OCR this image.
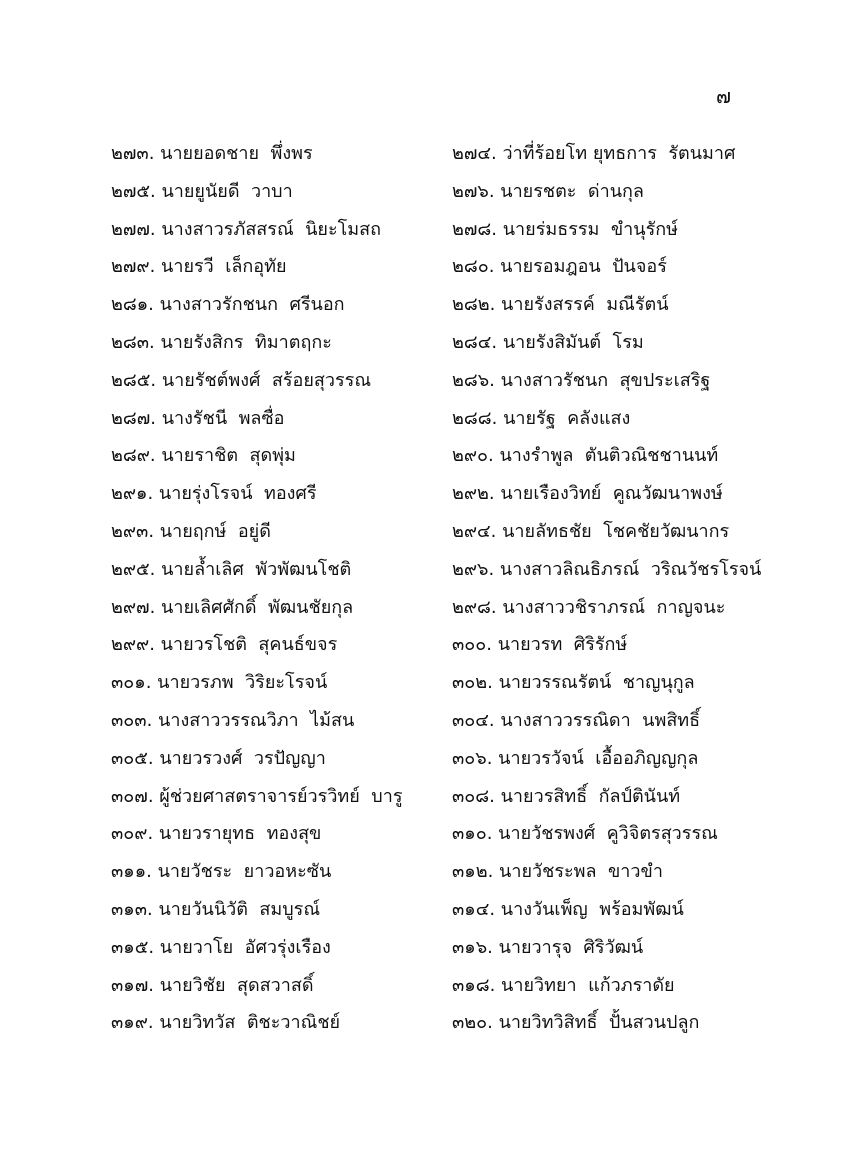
๗
๒๗๓. นายยอดชาย  พึ่งพร	๒๗๔. ว่าที่ร้อยโท ยุทธการ  รัตนมาศ
๒๗๕. นายยูนัยดี  วาบา	๒๗๖. นายรชตะ  ด่านกุล
๒๗๗. นางสาวรภัสสรณ์  นิยะโมสถ	๒๗๘. นายร่มธรรม  ขำนุรักษ์
๒๗๙. นายรวี  เล็กอุทัย	๒๘๐. นายรอมฎอน  ปันจอร์
๒๘๑. นางสาวรักชนก  ศรีนอก	๒๘๒. นายรังสรรค์  มณีรัตน์
๒๘๓. นายรังสิกร  ทิมาตฤกะ	๒๘๔. นายรังสิมันต์  โรม
๒๘๕. นายรัชต์พงศ์  สร้อยสุวรรณ	๒๘๖. นางสาวรัชนก  สุขประเสริฐ
๒๘๗. นางรัชนี  พลซื่อ	๒๘๘. นายรัฐ  คลังแสง
๒๘๙. นายราชิต  สุดพุ่ม	๒๙๐. นางรำพูล  ตันติวณิชชานนท์
๒๙๑. นายรุ่งโรจน์  ทองศรี	๒๙๒. นายเรืองวิทย์  คูณวัฒนาพงษ์
๒๙๓. นายฤกษ์  อยู่ดี	๒๙๔. นายลัทธชัย  โชคชัยวัฒนากร
๒๙๕. นายล้ำเลิศ  พัวพัฒนโชติ	๒๙๖. นางสาวลิณธิภรณ์  วริณวัชรโรจน์
๒๙๗. นายเลิศศักดิ์  พัฒนชัยกุล	๒๙๘. นางสาววชิราภรณ์  กาญจนะ
๒๙๙. นายวรโชติ  สุคนธ์ขจร	๓๐๐. นายวรท  ศิริรักษ์
๓๐๑. นายวรภพ  วิริยะโรจน์	๓๐๒. นายวรรณรัตน์  ชาญนุกูล
๓๐๓. นางสาววรรณวิภา  ไม้สน	๓๐๔. นางสาววรรณิดา  นพสิทธิ์
๓๐๕. นายวรวงศ์  วรปัญญา	๓๐๖. นายวรวัจน์  เอื้ออภิญญกุล
๓๐๗. ผู้ช่วยศาสตราจารย์วรวิทย์  บารู	๓๐๘. นายวรสิทธิ์  กัลป์ตินันท์
๓๐๙. นายวรายุทธ  ทองสุข	๓๑๐. นายวัชรพงศ์  คูวิจิตรสุวรรณ
๓๑๑. นายวัชระ  ยาวอหะซัน	๓๑๒. นายวัชระพล  ขาวขำ
๓๑๓. นายวันนิวัติ  สมบูรณ์	๓๑๔. นางวันเพ็ญ  พร้อมพัฒน์
๓๑๕. นายวาโย  อัศวรุ่งเรือง	๓๑๖. นายวารุจ  ศิริวัฒน์
๓๑๗. นายวิชัย  สุดสวาสดิ์	๓๑๘. นายวิทยา  แก้วภราดัย
๓๑๙. นายวิทวัส  ติชะวาณิชย์	๓๒๐. นายวิทวิสิทธิ์  ปั้นสวนปลูก
